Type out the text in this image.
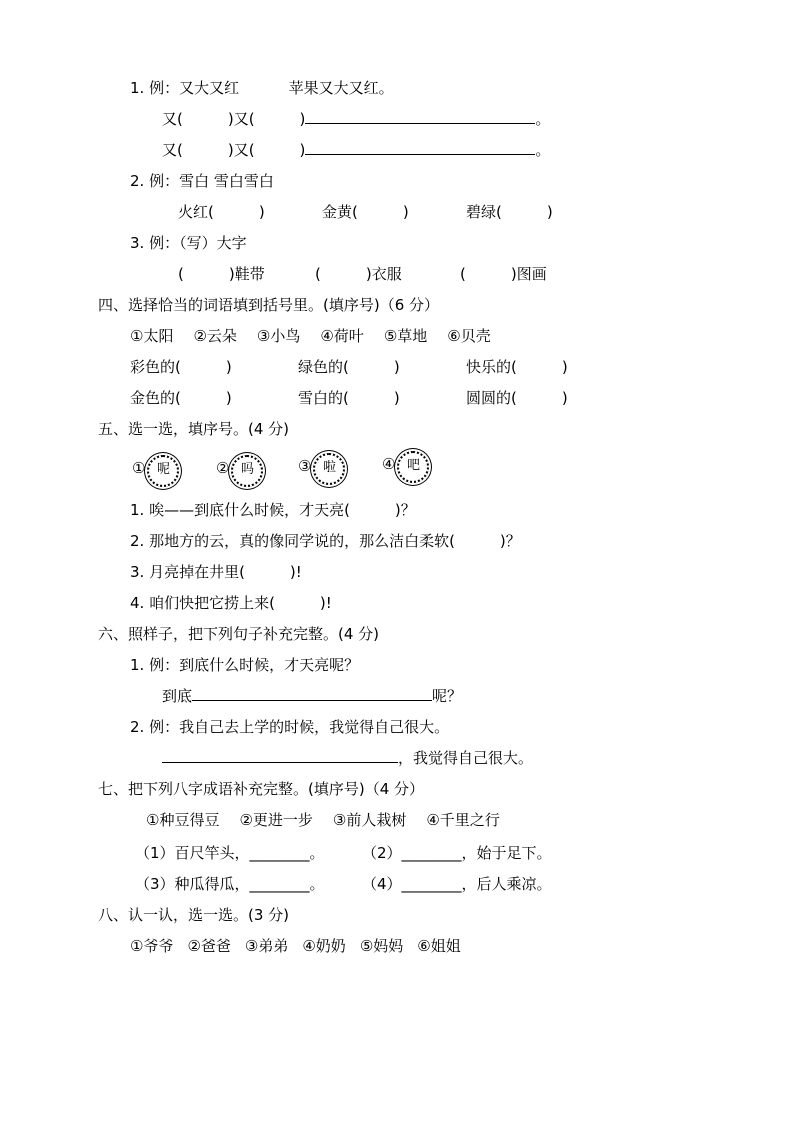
1. 例：又大又红	苹果又大又红。
又(　　　)又(　　　)	。
又(　　　)又(　　　)	。
2. 例：雪白 雪白雪白
火红(　　　)	金黄(　　　)	碧绿(　　　)
3. 例：（写）大字
(　　　)鞋带	(　　　)衣服	(　　　)图画
四、选择恰当的词语填到括号里。(填序号)（6 分）
①太阳 ②云朵 ③小鸟 ④荷叶 ⑤草地 ⑥贝壳
彩色的(　　　)	绿色的(　　　)	快乐的(　　　)
金色的(　　　)	雪白的(　　　)	圆圆的(　　　)
五、选一选，填序号。(4 分)
① 呢	② 吗	③ 啦	④ 吧
1. 唉——到底什么时候，才天亮(　　　)？
2. 那地方的云，真的像同学说的，那么洁白柔软(　　　)？
3. 月亮掉在井里(　　　)!
4. 咱们快把它捞上来(　　　)!
六、照样子，把下列句子补充完整。(4 分)
1. 例：到底什么时候，才天亮呢？
到底	呢？
2. 例：我自己去上学的时候，我觉得自己很大。
，我觉得自己很大。
七、把下列八字成语补充完整。(填序号)（4 分）
①种豆得豆 ②更进一步 ③前人栽树 ④千里之行
（1）百尺竿头，________。 （2）________，始于足下。
（3）种瓜得瓜，________。 （4）________，后人乘凉。
八、认一认，选一选。(3 分)
①爷爷 ②爸爸 ③弟弟 ④奶奶 ⑤妈妈 ⑥姐姐
